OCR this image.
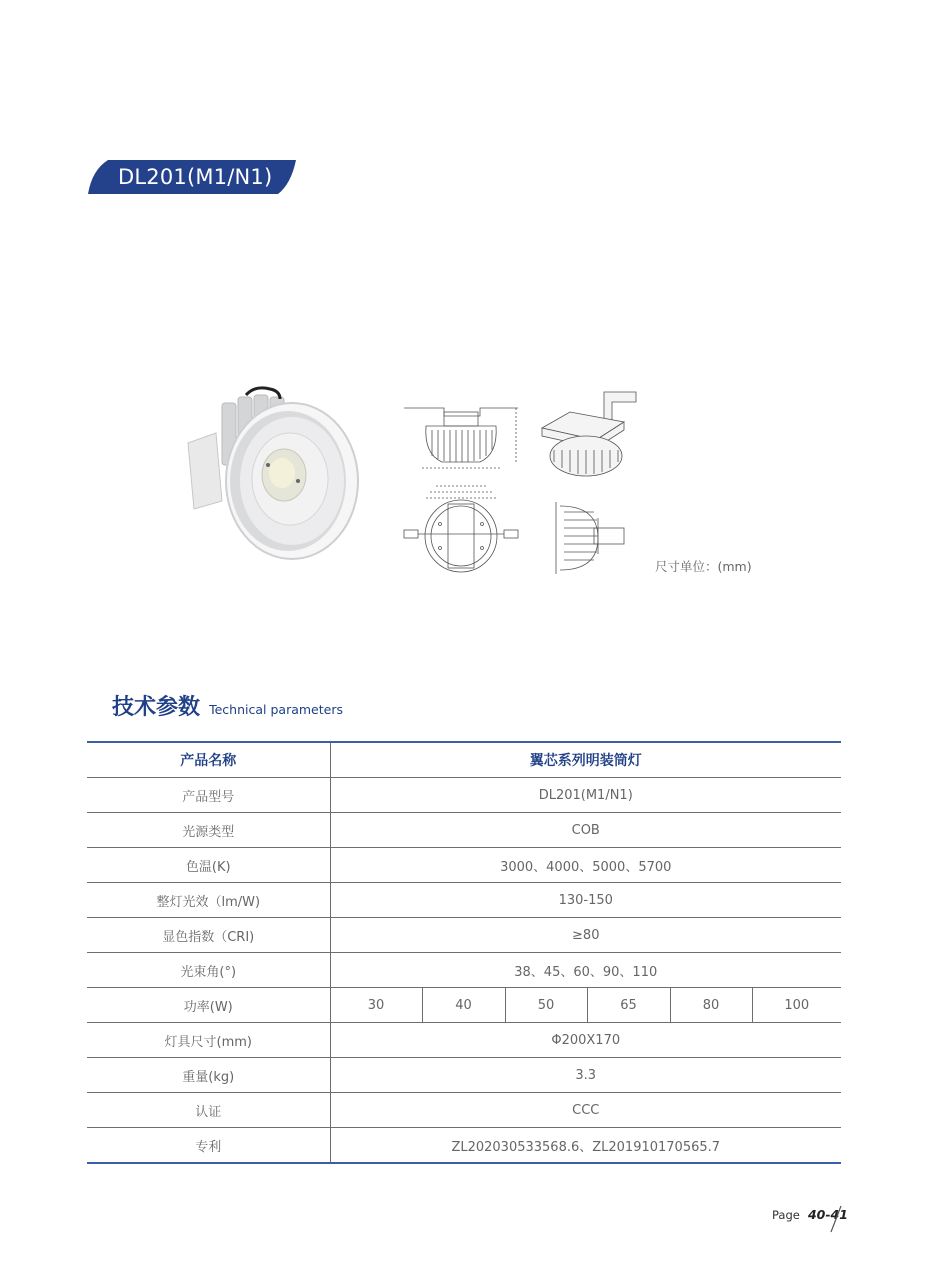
DL201(M1/N1)
尺寸单位：(mm)
技术参数 Technical parameters
产品名称	翼芯系列明装筒灯					
产品型号	DL201(M1/N1)					
光源类型	COB					
色温(K)	3000、4000、5000、5700					
整灯光效（lm/W)	130-150					
显色指数（CRI)	≥80					
光束角(°)	38、45、60、90、110					
功率(W)	30	40	50	65	80	100
灯具尺寸(mm)	Φ200X170					
重量(kg)	3.3					
认证	CCC					
专利	ZL202030533568.6、ZL201910170565.7					
Page 40-41
